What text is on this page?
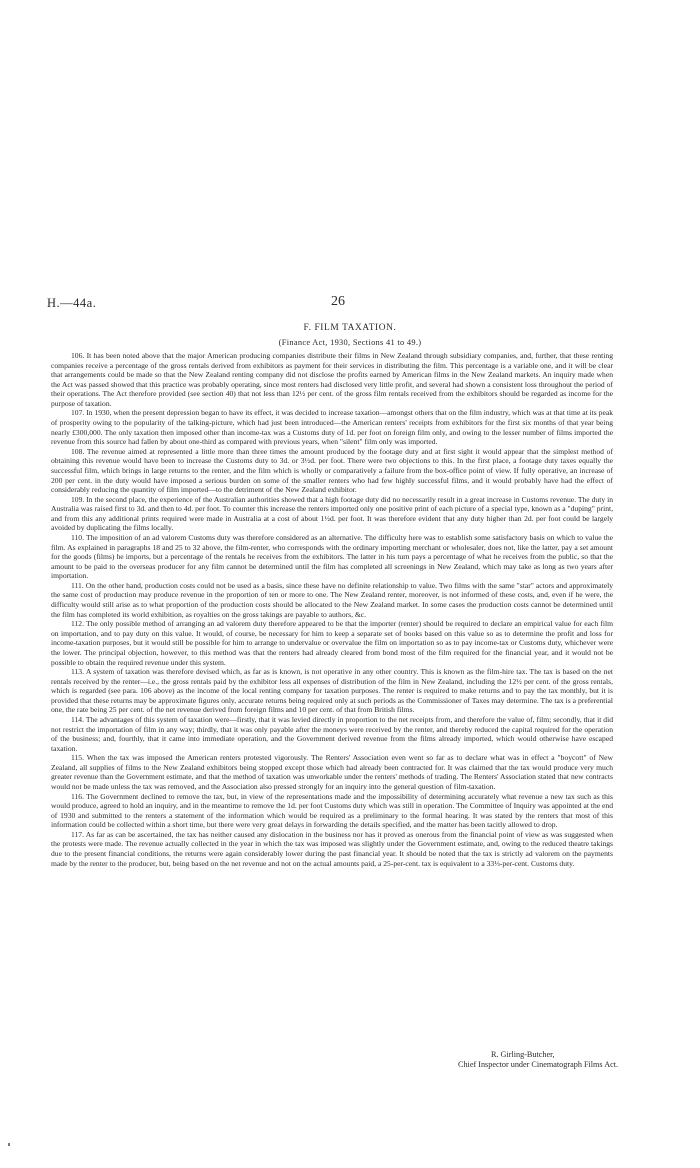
H.—44a.	26
F. FILM TAXATION.
(Finance Act, 1930, Sections 41 to 49.)

106. It has been noted above that the major American producing companies distribute their films in New Zealand through subsidiary companies, and, further, that these renting companies receive a percentage of the gross rentals derived from exhibitors as payment for their services in distributing the film. This percentage is a variable one, and it will be clear that arrangements could be made so that the New Zealand renting company did not disclose the profits earned by American films in the New Zealand markets. An inquiry made when the Act was passed showed that this practice was probably operating, since most renters had disclosed very little profit, and several had shown a consistent loss throughout the period of their operations. The Act therefore provided (see section 40) that not less than 12½ per cent. of the gross film rentals received from the exhibitors should be regarded as income for the purpose of taxation.

107. In 1930, when the present depression began to have its effect, it was decided to increase taxation—amongst others that on the film industry, which was at that time at its peak of prosperity owing to the popularity of the talking-picture, which had just been introduced—the American renters' receipts from exhibitors for the first six months of that year being nearly £300,000. The only taxation then imposed other than income-tax was a Customs duty of 1d. per foot on foreign film only, and owing to the lesser number of films imported the revenue from this source had fallen by about one-third as compared with previous years, when "silent" film only was imported.

108. The revenue aimed at represented a little more than three times the amount produced by the footage duty and at first sight it would appear that the simplest method of obtaining this revenue would have been to increase the Customs duty to 3d. or 3½d. per foot. There were two objections to this. In the first place, a footage duty taxes equally the successful film, which brings in large returns to the renter, and the film which is wholly or comparatively a failure from the box-office point of view. If fully operative, an increase of 200 per cent. in the duty would have imposed a serious burden on some of the smaller renters who had few highly successful films, and it would probably have had the effect of considerably reducing the quantity of film imported—to the detriment of the New Zealand exhibitor.

109. In the second place, the experience of the Australian authorities showed that a high footage duty did no necessarily result in a great increase in Customs revenue. The duty in Australia was raised first to 3d. and then to 4d. per foot. To counter this increase the renters imported only one positive print of each picture of a special type, known as a "duping" print, and from this any additional prints required were made in Australia at a cost of about 1½d. per foot. It was therefore evident that any duty higher than 2d. per foot could be largely avoided by duplicating the films locally.

110. The imposition of an ad valorem Customs duty was therefore considered as an alternative. The difficulty here was to establish some satisfactory basis on which to value the film. As explained in paragraphs 18 and 25 to 32 above, the film-renter, who corresponds with the ordinary importing merchant or wholesaler, does not, like the latter, pay a set amount for the goods (films) he imports, but a percentage of the rentals he receives from the exhibitors. The latter in his turn pays a percentage of what he receives from the public, so that the amount to be paid to the overseas producer for any film cannot be determined until the film has completed all screenings in New Zealand, which may take as long as two years after importation.

111. On the other hand, production costs could not be used as a basis, since these have no definite relationship to value. Two films with the same "star" actors and approximately the same cost of production may produce revenue in the proportion of ten or more to one. The New Zealand renter, moreover, is not informed of these costs, and, even if he were, the difficulty would still arise as to what proportion of the production costs should be allocated to the New Zealand market. In some cases the production costs cannot be determined until the film has completed its world exhibition, as royalties on the gross takings are payable to authors, &c.

112. The only possible method of arranging an ad valorem duty therefore appeared to be that the importer (renter) should be required to declare an empirical value for each film on importation, and to pay duty on this value. It would, of course, be necessary for him to keep a separate set of books based on this value so as to determine the profit and loss for income-taxation purposes, but it would still be possible for him to arrange to undervalue or overvalue the film on importation so as to pay income-tax or Customs duty, whichever were the lower. The principal objection, however, to this method was that the renters had already cleared from bond most of the film required for the financial year, and it would not be possible to obtain the required revenue under this system.

113. A system of taxation was therefore devised which, as far as is known, is not operative in any other country. This is known as the film-hire tax. The tax is based on the net rentals received by the renter—i.e., the gross rentals paid by the exhibitor less all expenses of distribution of the film in New Zealand, including the 12½ per cent. of the gross rentals, which is regarded (see para. 106 above) as the income of the local renting company for taxation purposes. The renter is required to make returns and to pay the tax monthly, but it is provided that these returns may be approximate figures only, accurate returns being required only at such periods as the Commissioner of Taxes may determine. The tax is a preferential one, the rate being 25 per cent. of the net revenue derived from foreign films and 10 per cent. of that from British films.

114. The advantages of this system of taxation were—firstly, that it was levied directly in proportion to the net receipts from, and therefore the value of, film; secondly, that it did not restrict the importation of film in any way; thirdly, that it was only payable after the moneys were received by the renter, and thereby reduced the capital required for the operation of the business; and, fourthly, that it came into immediate operation, and the Government derived revenue from the films already imported, which would otherwise have escaped taxation.

115. When the tax was imposed the American renters protested vigorously. The Renters' Association even went so far as to declare what was in effect a "boycott" of New Zealand, all supplies of films to the New Zealand exhibitors being stopped except those which had already been contracted for. It was claimed that the tax would produce very much greater revenue than the Government estimate, and that the method of taxation was unworkable under the renters' methods of trading. The Renters' Association stated that new contracts would not be made unless the tax was removed, and the Association also pressed strongly for an inquiry into the general question of film-taxation.

116. The Government declined to remove the tax, but, in view of the representations made and the impossibility of determining accurately what revenue a new tax such as this would produce, agreed to hold an inquiry, and in the meantime to remove the 1d. per foot Customs duty which was still in operation. The Committee of Inquiry was appointed at the end of 1930 and submitted to the renters a statement of the information which would be required as a preliminary to the formal hearing. It was stated by the renters that most of this information could be collected within a short time, but there were very great delays in forwarding the details specified, and the matter has been tacitly allowed to drop.

117. As far as can be ascertained, the tax has neither caused any dislocation in the business nor has it proved as onerous from the financial point of view as was suggested when the protests were made. The revenue actually collected in the year in which the tax was imposed was slightly under the Government estimate, and, owing to the reduced theatre takings due to the present financial conditions, the returns were again considerably lower during the past financial year. It should be noted that the tax is strictly ad valorem on the payments made by the renter to the producer, but, being based on the net revenue and not on the actual amounts paid, a 25-per-cent. tax is equivalent to a 33⅓-per-cent. Customs duty.

R. Girling-Butcher,
Chief Inspector under Cinematograph Films Act.
